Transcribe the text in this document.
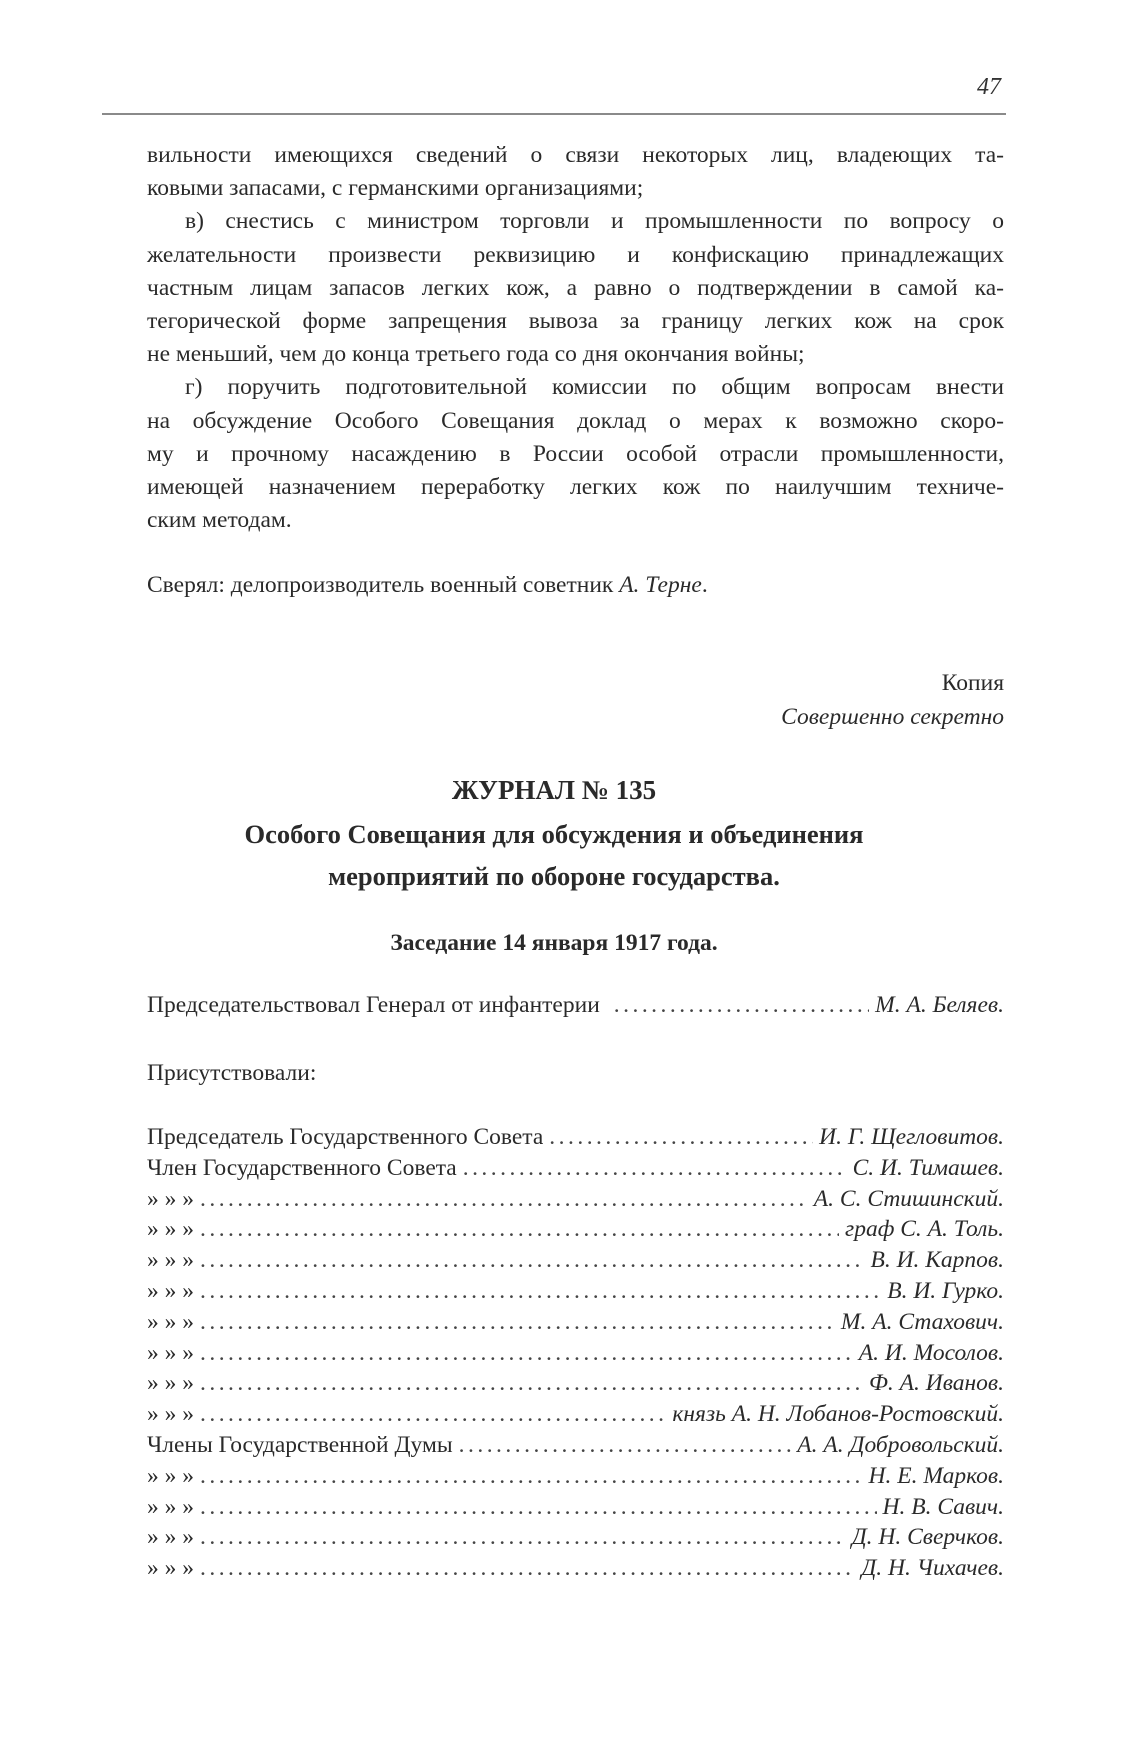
47
вильности имеющихся сведений о связи некоторых лиц, владеющих та-
ковыми запасами, с германскими организациями;
в) снестись с министром торговли и промышленности по вопросу о
желательности произвести реквизицию и конфискацию принадлежащих
частным лицам запасов легких кож, а равно о подтверждении в самой ка-
тегорической форме запрещения вывоза за границу легких кож на срок
не меньший, чем до конца третьего года со дня окончания войны;
г) поручить подготовительной комиссии по общим вопросам внести
на обсуждение Особого Совещания доклад о мерах к возможно скоро-
му и прочному насаждению в России особой отрасли промышленности,
имеющей назначением переработку легких кож по наилучшим техниче-
ским методам.
Сверял: делопроизводитель военный советник А. Терне.
Копия
Совершенно секретно
ЖУРНАЛ № 135
Особого Совещания для обсуждения и объединения
мероприятий по обороне государства.
Заседание 14 января 1917 года.
Председательствовал Генерал от инфантерии . . .	М. А. Беляев.
Присутствовали:
Председатель Государственного Совета . . .	И. Г. Щегловитов.
Член Государственного Совета . . .	С. И. Тимашев.
» » » . . .	А. С. Стишинский.
» » » . . .	граф С. А. Толь.
» » » . . .	В. И. Карпов.
» » » . . .	В. И. Гурко.
» » » . . .	М. А. Стахович.
» » » . . .	А. И. Мосолов.
» » » . . .	Ф. А. Иванов.
» » » . . .	князь А. Н. Лобанов-Ростовский.
Члены Государственной Думы . . .	А. А. Добровольский.
» » » . . .	Н. Е. Марков.
» » » . . .	Н. В. Савич.
» » » . . .	Д. Н. Сверчков.
» » » . . .	Д. Н. Чихачев.
